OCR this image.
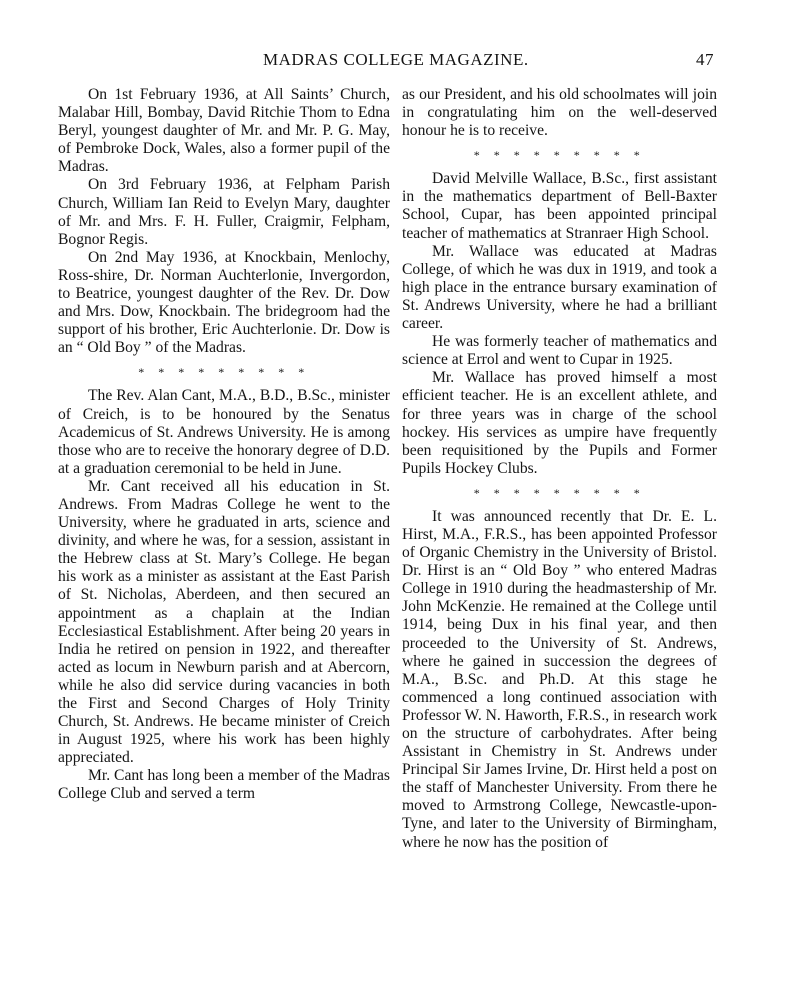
MADRAS COLLEGE MAGAZINE.	47

On 1st February 1936, at All Saints’ Church, Malabar Hill, Bombay, David Ritchie Thom to Edna Beryl, youngest daughter of Mr. and Mr. P. G. May, of Pembroke Dock, Wales, also a former pupil of the Madras.

On 3rd February 1936, at Felpham Parish Church, William Ian Reid to Evelyn Mary, daughter of Mr. and Mrs. F. H. Fuller, Craigmir, Felpham, Bognor Regis.

On 2nd May 1936, at Knockbain, Menlochy, Ross-shire, Dr. Norman Auchterlonie, Invergordon, to Beatrice, youngest daughter of the Rev. Dr. Dow and Mrs. Dow, Knockbain. The bridegroom had the support of his brother, Eric Auchterlonie. Dr. Dow is an “ Old Boy ” of the Madras.

* * * * * * * * *

The Rev. Alan Cant, M.A., B.D., B.Sc., minister of Creich, is to be honoured by the Senatus Academicus of St. Andrews University. He is among those who are to receive the honorary degree of D.D. at a graduation ceremonial to be held in June.

Mr. Cant received all his education in St. Andrews. From Madras College he went to the University, where he graduated in arts, science and divinity, and where he was, for a session, assistant in the Hebrew class at St. Mary’s College. He began his work as a minister as assistant at the East Parish of St. Nicholas, Aberdeen, and then secured an appointment as a chaplain at the Indian Ecclesiastical Establishment. After being 20 years in India he retired on pension in 1922, and thereafter acted as locum in Newburn parish and at Abercorn, while he also did service during vacancies in both the First and Second Charges of Holy Trinity Church, St. Andrews. He became minister of Creich in August 1925, where his work has been highly appreciated.

Mr. Cant has long been a member of the Madras College Club and served a term

as our President, and his old schoolmates will join in congratulating him on the well-deserved honour he is to receive.

* * * * * * * * *

David Melville Wallace, B.Sc., first assistant in the mathematics department of Bell-Baxter School, Cupar, has been appointed principal teacher of mathematics at Stranraer High School.

Mr. Wallace was educated at Madras College, of which he was dux in 1919, and took a high place in the entrance bursary examination of St. Andrews University, where he had a brilliant career.

He was formerly teacher of mathematics and science at Errol and went to Cupar in 1925.

Mr. Wallace has proved himself a most efficient teacher. He is an excellent athlete, and for three years was in charge of the school hockey. His services as umpire have frequently been requisitioned by the Pupils and Former Pupils Hockey Clubs.

* * * * * * * * *

It was announced recently that Dr. E. L. Hirst, M.A., F.R.S., has been appointed Professor of Organic Chemistry in the University of Bristol. Dr. Hirst is an “ Old Boy ” who entered Madras College in 1910 during the headmastership of Mr. John McKenzie. He remained at the College until 1914, being Dux in his final year, and then proceeded to the University of St. Andrews, where he gained in succession the degrees of M.A., B.Sc. and Ph.D. At this stage he commenced a long continued association with Professor W. N. Haworth, F.R.S., in research work on the structure of carbohydrates. After being Assistant in Chemistry in St. Andrews under Principal Sir James Irvine, Dr. Hirst held a post on the staff of Manchester University. From there he moved to Armstrong College, Newcastle-upon-Tyne, and later to the University of Birmingham, where he now has the position of
